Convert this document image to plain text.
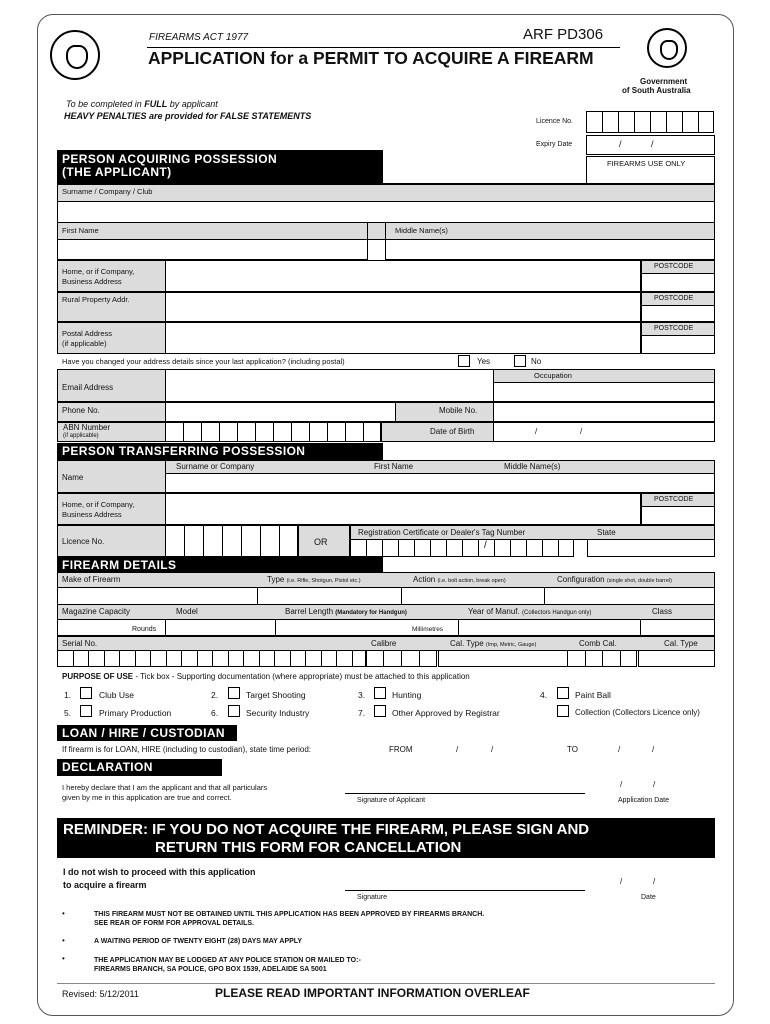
FIREARMS ACT 1977	ARF PD306
APPLICATION for a PERMIT TO ACQUIRE A FIREARM
Government
of South Australia
To be completed in FULL by applicant
HEAVY PENALTIES are provided for FALSE STATEMENTS
Licence No.
Expiry Date	/	/
FIREARMS USE ONLY
PERSON ACQUIRING POSSESSION
(THE APPLICANT)
Surname / Company / Club
First Name	Middle Name(s)
Home, or if Company,
Business Address
POSTCODE
Rural Property Addr.	POSTCODE
Postal Address
(if applicable)
POSTCODE
Have you changed your address details since your last application? (including postal)	Yes	No
Email Address
Occupation
Phone No.	Mobile No.
ABN Number
(if applicable)	Date of Birth	/	/
PERSON TRANSFERRING POSSESSION
Name
Surname or Company	First Name	Middle Name(s)
Home, or if Company,
Business Address
POSTCODE
Licence No.	OR
Registration Certificate or Dealer's Tag Number	State
/
FIREARM DETAILS
Make of Firearm	Type (i.e. Rifle, Shotgun, Pistol etc.)	Action (i.e. bolt action, break open)	Configuration (single shot, double barrel)
Magazine Capacity	Model	Barrel Length (Mandatory for Handgun)	Year of Manuf. (Collectors Handgun only)	Class
Rounds	Millimetres
Serial No.	Calibre	Cal. Type (Imp, Metric, Gauge)	Comb Cal.	Cal. Type
PURPOSE OF USE - Tick box - Supporting documentation (where appropriate) must be attached to this application
1.	Club Use	2.	Target Shooting	3.	Hunting	4.	Paint Ball
5.	Primary Production	6.	Security Industry	7.	Other Approved by Registrar	Collection (Collectors Licence only)
LOAN / HIRE / CUSTODIAN
If firearm is for LOAN, HIRE (including to custodian), state time period:	FROM	/	/	TO	/	/
DECLARATION
I hereby declare that I am the applicant and that all particulars
given by me in this application are true and correct.	Signature of Applicant
/	/
Application Date
REMINDER: IF YOU DO NOT ACQUIRE THE FIREARM, PLEASE SIGN AND
RETURN THIS FORM FOR CANCELLATION
I do not wish to proceed with this application
to acquire a firearm
Signature
/	/
Date
•	THIS FIREARM MUST NOT BE OBTAINED UNTIL THIS APPLICATION HAS BEEN APPROVED BY FIREARMS BRANCH.
SEE REAR OF FORM FOR APPROVAL DETAILS.
•	A WAITING PERIOD OF TWENTY EIGHT (28) DAYS MAY APPLY
•	THE APPLICATION MAY BE LODGED AT ANY POLICE STATION OR MAILED TO:-
FIREARMS BRANCH, SA POLICE, GPO BOX 1539, ADELAIDE SA 5001
Revised: 5/12/2011	PLEASE READ IMPORTANT INFORMATION OVERLEAF
